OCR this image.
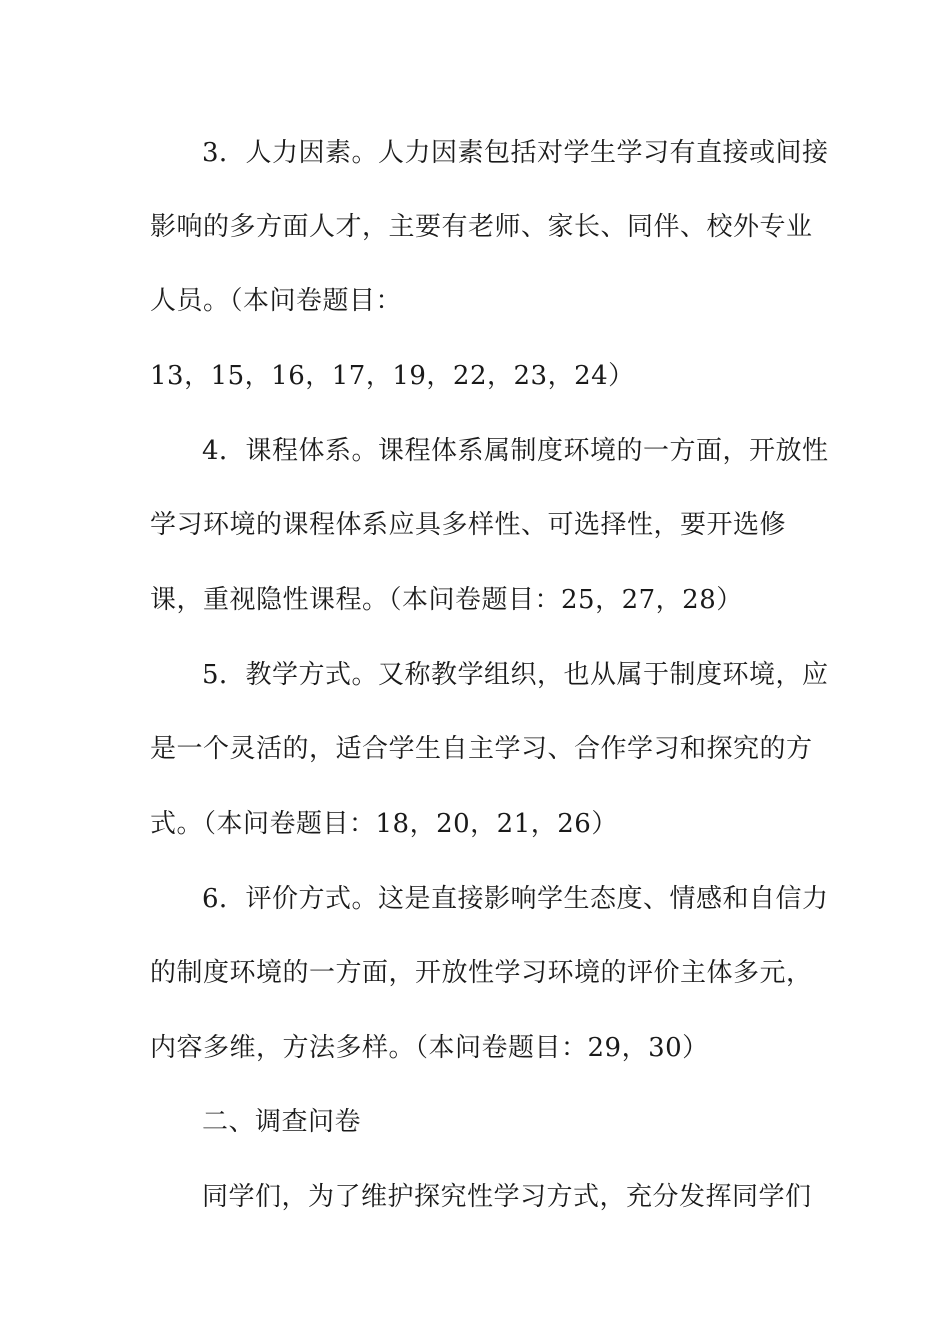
3．人力因素。人力因素包括对学生学习有直接或间接
影响的多方面人才，主要有老师、家长、同伴、校外专业
人员。（本问卷题目：
13，15，16，17，19，22，23，24）
4．课程体系。课程体系属制度环境的一方面，开放性
学习环境的课程体系应具多样性、可选择性，要开选修
课，重视隐性课程。（本问卷题目：25，27，28）
5．教学方式。又称教学组织，也从属于制度环境，应
是一个灵活的，适合学生自主学习、合作学习和探究的方
式。（本问卷题目：18，20，21，26）
6．评价方式。这是直接影响学生态度、情感和自信力
的制度环境的一方面，开放性学习环境的评价主体多元，
内容多维，方法多样。（本问卷题目：29，30）
二、调查问卷
同学们，为了维护探究性学习方式，充分发挥同学们
